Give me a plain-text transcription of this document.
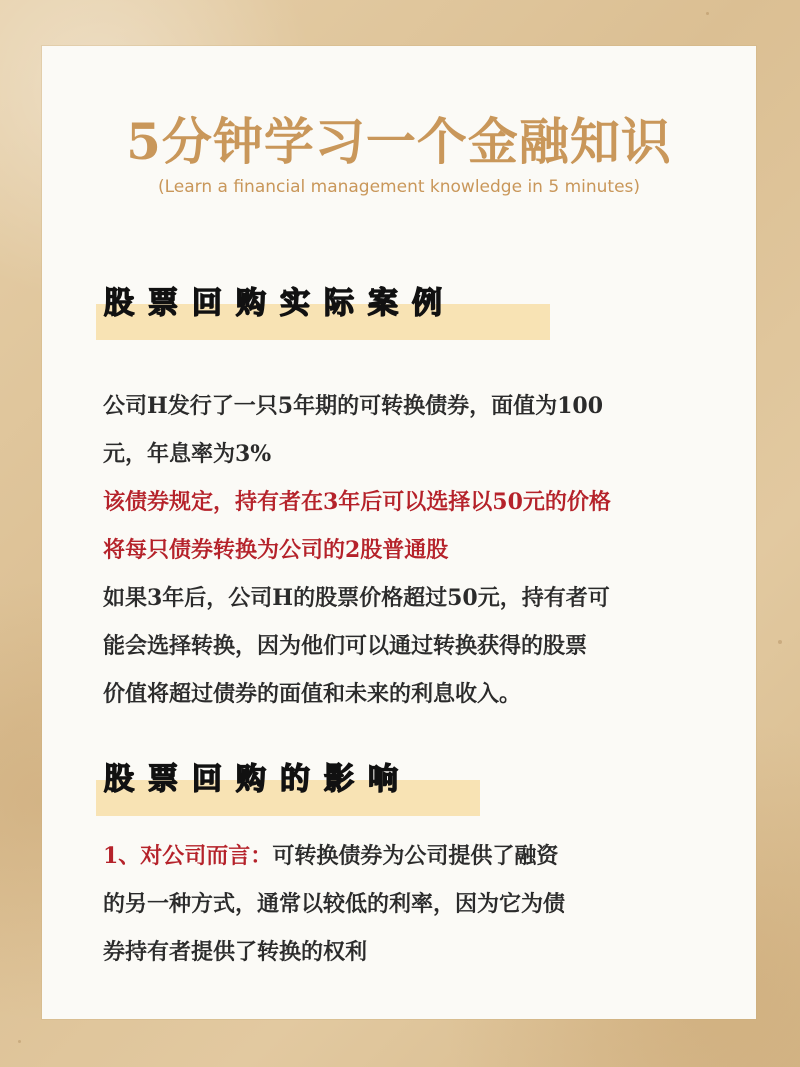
5分钟学习一个金融知识
(Learn a financial management knowledge in 5 minutes)
股票回购实际案例
公司H发行了一只5年期的可转换债券，面值为100
元，年息率为3%
该债券规定，持有者在3年后可以选择以50元的价格
将每只债券转换为公司的2股普通股
如果3年后，公司H的股票价格超过50元，持有者可
能会选择转换，因为他们可以通过转换获得的股票
价值将超过债券的面值和未来的利息收入。
股票回购的影响
1、对公司而言：可转换债券为公司提供了融资
的另一种方式，通常以较低的利率，因为它为债
券持有者提供了转换的权利
